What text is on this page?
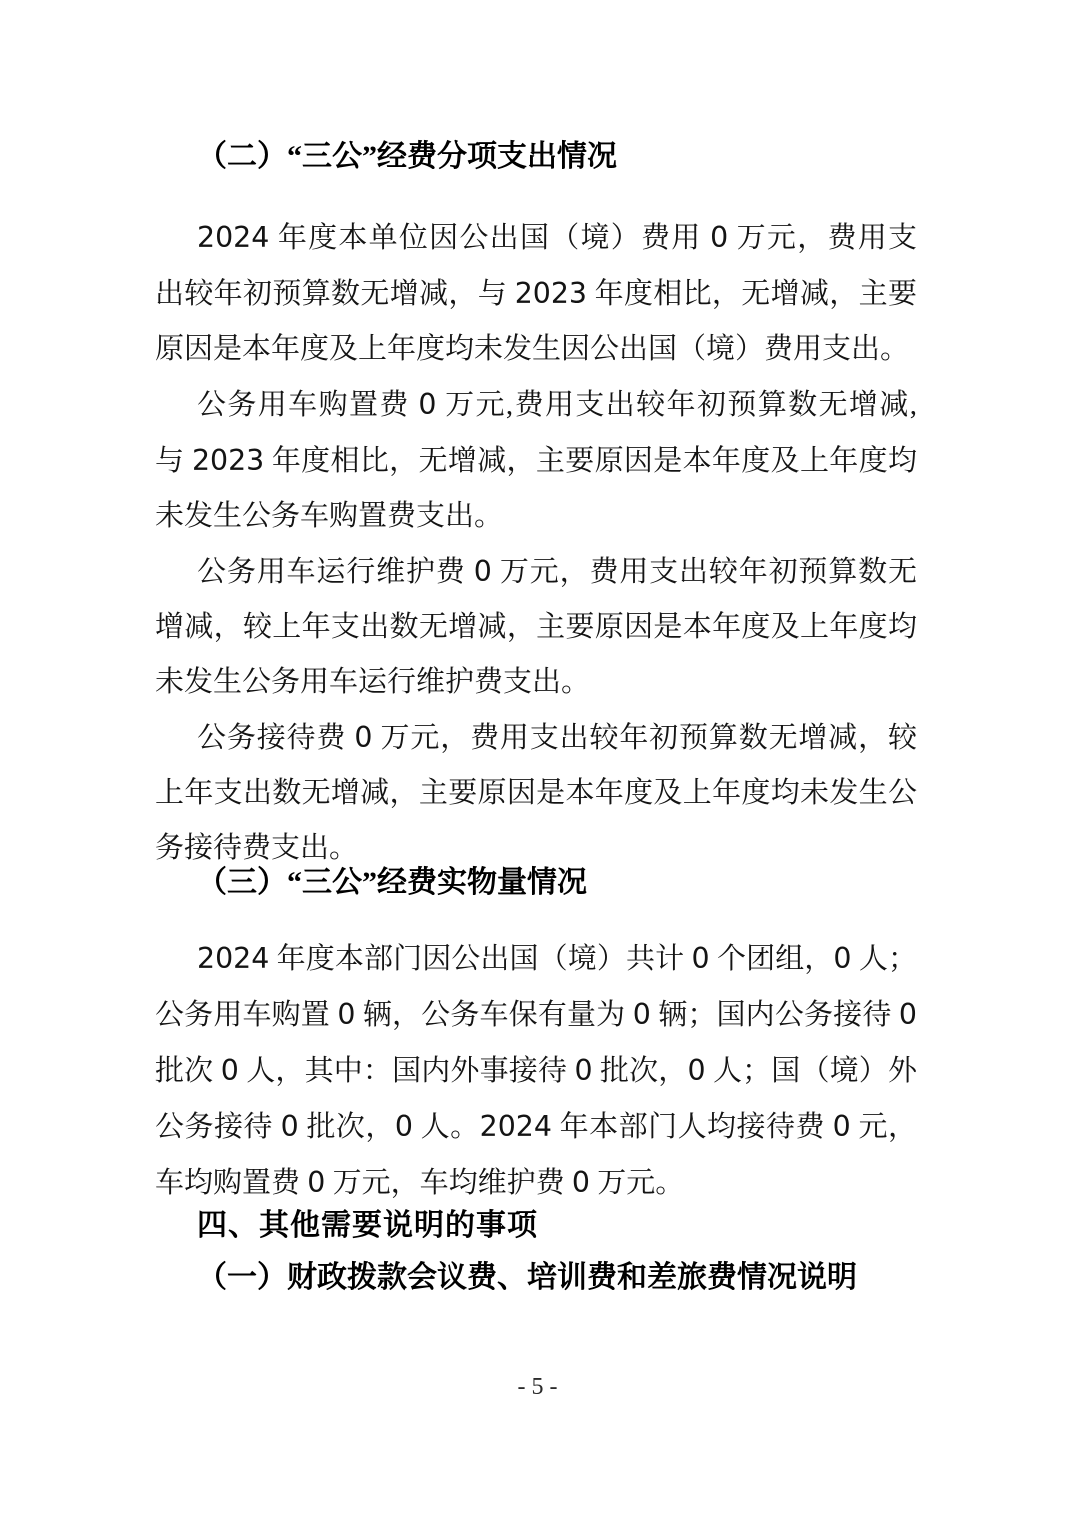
（二）“三公”经费分项支出情况
2024 年度本单位因公出国（境）费用 0 万元，费用支
出较年初预算数无增减，与 2023 年度相比，无增减，主要
原因是本年度及上年度均未发生因公出国（境）费用支出。
公务用车购置费 0 万元,费用支出较年初预算数无增减,
与 2023 年度相比，无增减，主要原因是本年度及上年度均
未发生公务车购置费支出。
公务用车运行维护费 0 万元，费用支出较年初预算数无
增减，较上年支出数无增减，主要原因是本年度及上年度均
未发生公务用车运行维护费支出。
公务接待费 0 万元，费用支出较年初预算数无增减，较
上年支出数无增减，主要原因是本年度及上年度均未发生公
务接待费支出。
（三）“三公”经费实物量情况
2024 年度本部门因公出国（境）共计 0 个团组，0 人；
公务用车购置 0 辆，公务车保有量为 0 辆；国内公务接待 0
批次 0 人，其中：国内外事接待 0 批次，0 人；国（境）外
公务接待 0 批次，0 人。2024 年本部门人均接待费 0 元，
车均购置费 0 万元，车均维护费 0 万元。
四、其他需要说明的事项
（一）财政拨款会议费、培训费和差旅费情况说明
- 5 -
